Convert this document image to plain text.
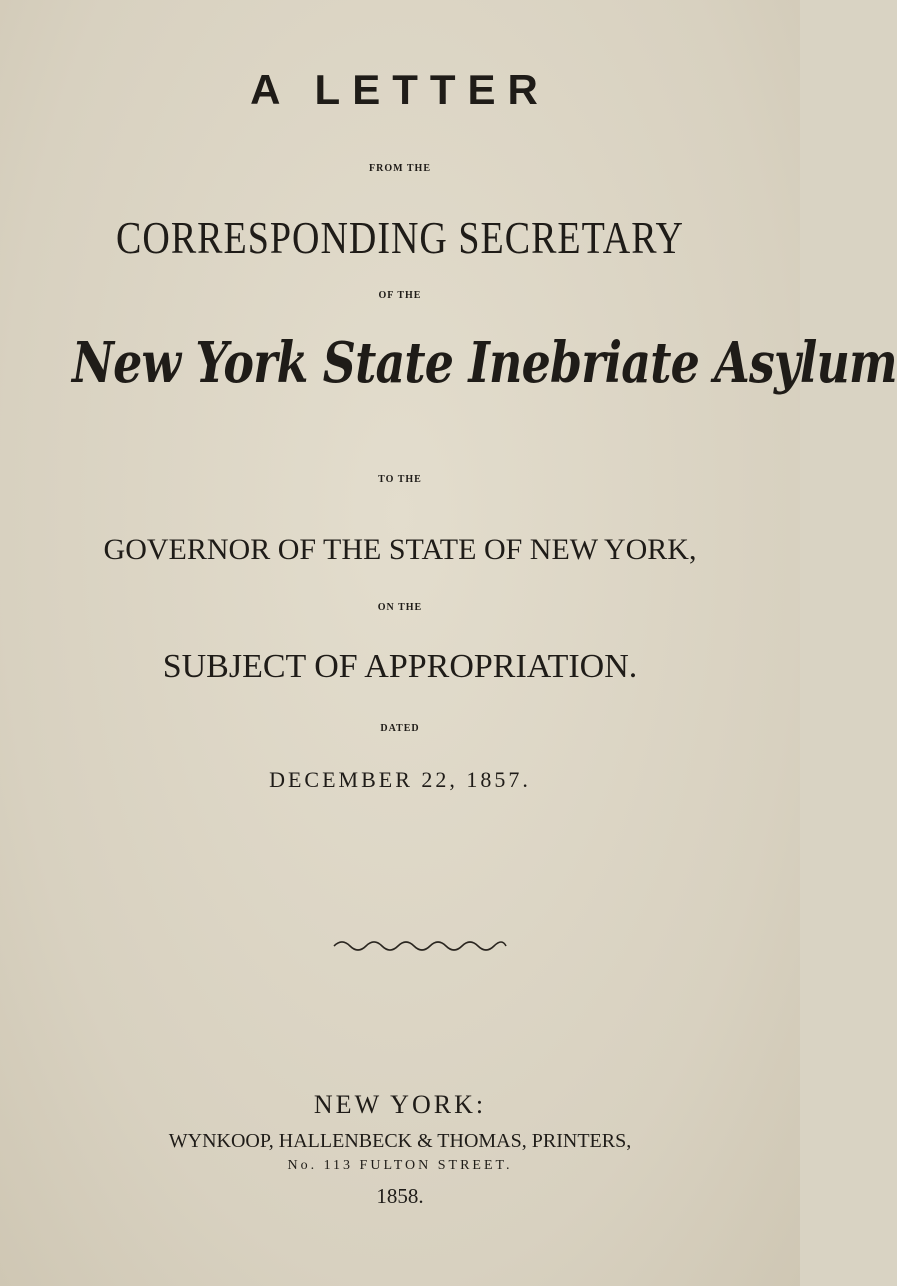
A LETTER
FROM THE
CORRESPONDING SECRETARY
OF THE
New York State Inebriate Asylum
TO THE
GOVERNOR OF THE STATE OF NEW YORK,
ON THE
SUBJECT OF APPROPRIATION.
DATED
DECEMBER 22, 1857.
NEW YORK:
WYNKOOP, HALLENBECK & THOMAS, PRINTERS,
No. 113 FULTON STREET.
1858.
